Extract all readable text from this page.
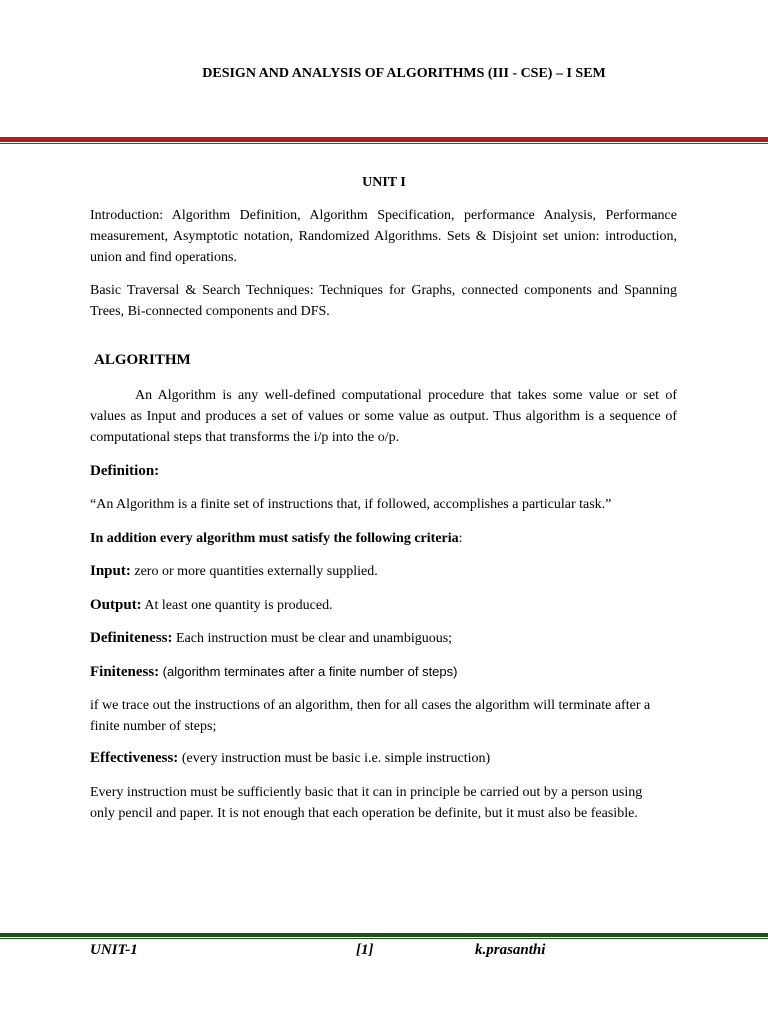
DESIGN AND ANALYSIS OF ALGORITHMS (III - CSE) – I SEM
UNIT I

Introduction: Algorithm Definition, Algorithm Specification, performance Analysis, Performance measurement, Asymptotic notation, Randomized Algorithms. Sets & Disjoint set union: introduction, union and find operations.

Basic Traversal & Search Techniques: Techniques for Graphs, connected components and Spanning Trees, Bi-connected components and DFS.

ALGORITHM

An Algorithm is any well-defined computational procedure that takes some value or set of values as Input and produces a set of values or some value as output. Thus algorithm is a sequence of computational steps that transforms the i/p into the o/p.

Definition:
“An Algorithm is a finite set of instructions that, if followed, accomplishes a particular task.”
In addition every algorithm must satisfy the following criteria:
Input: zero or more quantities externally supplied.
Output: At least one quantity is produced.
Definiteness: Each instruction must be clear and unambiguous;
Finiteness: (algorithm terminates after a finite number of steps)

if we trace out the instructions of an algorithm, then for all cases the algorithm will terminate after a finite number of steps;

Effectiveness: (every instruction must be basic i.e. simple instruction)

Every instruction must be sufficiently basic that it can in principle be carried out by a person using only pencil and paper. It is not enough that each operation be definite, but it must also be feasible.

UNIT-1	[1]	k.prasanthi
